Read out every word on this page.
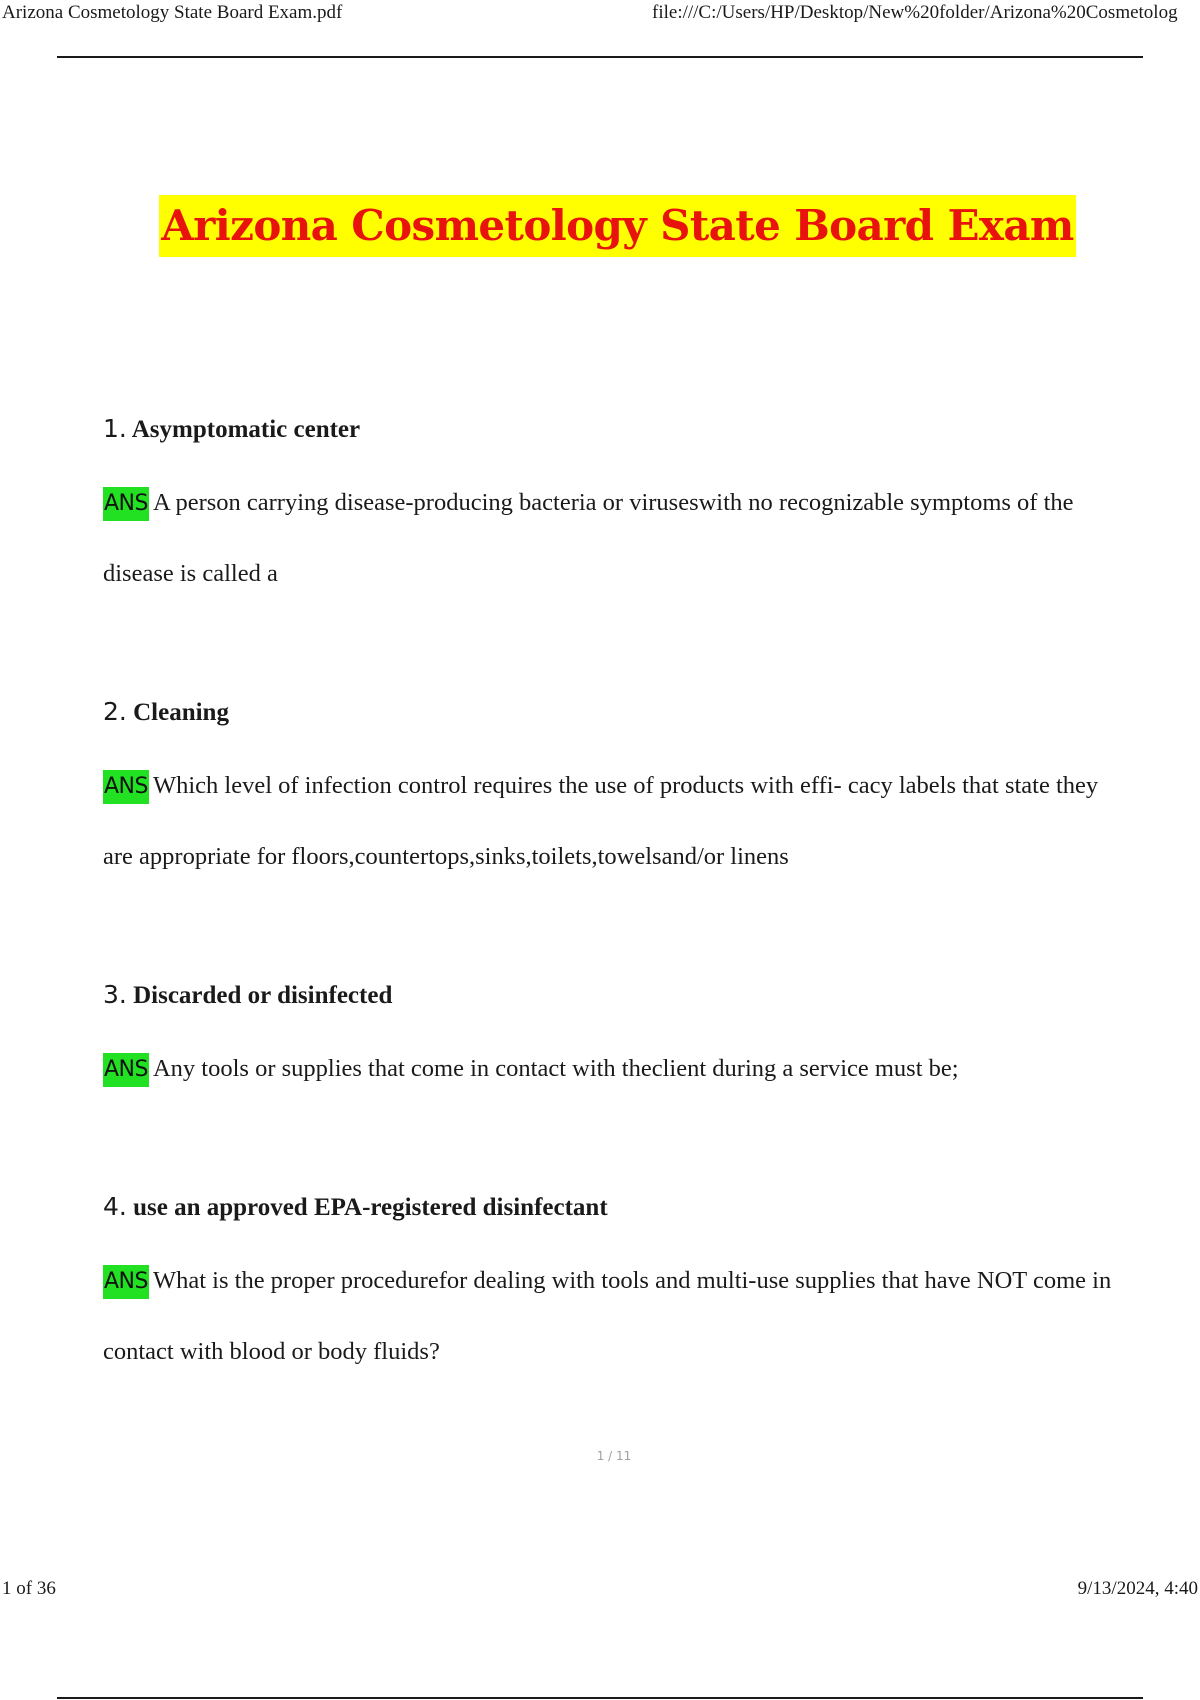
Arizona Cosmetology State Board Exam.pdf	file:///C:/Users/HP/Desktop/New%20folder/Arizona%20Cosmetolog
Arizona Cosmetology State Board Exam
1. Asymptomatic center
ANS A person carrying disease-producing bacteria or viruseswith no recognizable symptoms of the disease is called a
2. Cleaning
ANS Which level of infection control requires the use of products with effi- cacy labels that state they are appropriate for floors,countertops,sinks,toilets,towelsand/or linens
3. Discarded or disinfected
ANS Any tools or supplies that come in contact with theclient during a service must be;
4. use an approved EPA-registered disinfectant
ANS What is the proper procedurefor dealing with tools and multi-use supplies that have NOT come in contact with blood or body fluids?
1 / 11
1 of 36	9/13/2024, 4:40
